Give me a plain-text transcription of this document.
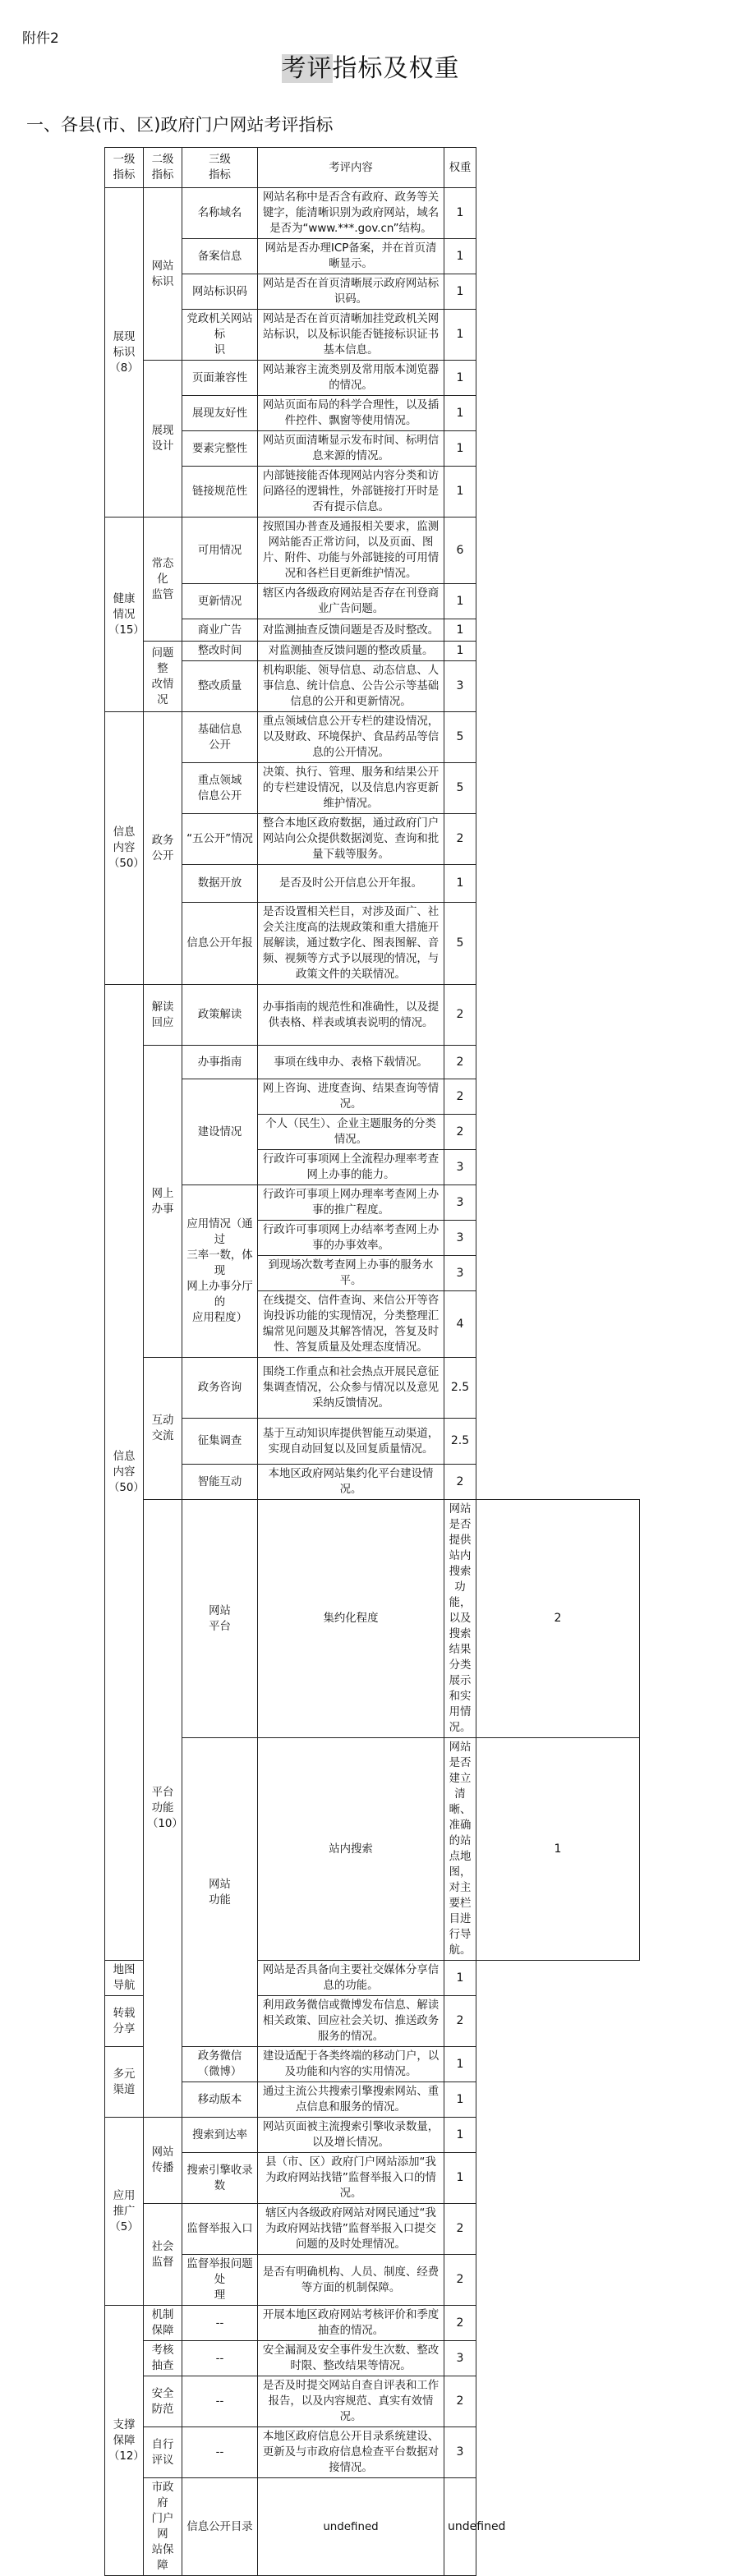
附件2
考评指标及权重
一、各县(市、区)政府门户网站考评指标
一级
指标	二级
指标	三级
指标	考评内容	权重	
展现
标识
（8）	网站
标识	名称域名	网站名称中是否含有政府、政务等关键字，能清晰识别为政府网站，域名是否为“www.***.gov.cn”结构。	1	
		备案信息	网站是否办理ICP备案，并在首页清晰显示。	1	
		网站标识码	网站是否在首页清晰展示政府网站标识码。	1	
		党政机关网站标
识	网站是否在首页清晰加挂党政机关网站标识，以及标识能否链接标识证书基本信息。	1	
	展现
设计	页面兼容性	网站兼容主流类别及常用版本浏览器的情况。	1	
		展现友好性	网站页面布局的科学合理性，以及插件控件、飘窗等使用情况。	1	
		要素完整性	网站页面清晰显示发布时间、标明信息来源的情况。	1	
		链接规范性	内部链接能否体现网站内容分类和访问路径的逻辑性，外部链接打开时是否有提示信息。	1	
健康
情况
（15）	常态化
监管	可用情况	按照国办普查及通报相关要求，监测网站能否正常访问，以及页面、图片、附件、功能与外部链接的可用情况和各栏目更新维护情况。	6	
		更新情况	辖区内各级政府网站是否存在刊登商业广告问题。	1	
		商业广告	对监测抽查反馈问题是否及时整改。	1	
	问题整
改情况	整改时间	对监测抽查反馈问题的整改质量。	1	
		整改质量	机构职能、领导信息、动态信息、人事信息、统计信息、公告公示等基础信息的公开和更新情况。	3	
信息
内容
（50）	政务
公开	基础信息
公开	重点领域信息公开专栏的建设情况，以及财政、环境保护、食品药品等信息的公开情况。	5	
		重点领域
信息公开	决策、执行、管理、服务和结果公开的专栏建设情况，以及信息内容更新维护情况。	5	
		“五公开”情况	整合本地区政府数据，通过政府门户网站向公众提供数据浏览、查询和批量下载等服务。	2	
		数据开放	是否及时公开信息公开年报。	1	
		信息公开年报	是否设置相关栏目，对涉及面广、社会关注度高的法规政策和重大措施开展解读，通过数字化、图表图解、音频、视频等方式予以展现的情况，与政策文件的关联情况。	5	
信息
内容
（50）	解读
回应	政策解读	办事指南的规范性和准确性，以及提供表格、样表或填表说明的情况。	2	
	网上
办事	办事指南	事项在线申办、表格下载情况。	2	
		建设情况	网上咨询、进度查询、结果查询等情况。	2	
			个人（民生）、企业主题服务的分类情况。	2	
			行政许可事项网上全流程办理率考查网上办事的能力。	3	
		应用情况（通过
三率一数，体现
网上办事分厅的
应用程度）	行政许可事项上网办理率考查网上办事的推广程度。	3	
			行政许可事项网上办结率考查网上办事的办事效率。	3	
			到现场次数考查网上办事的服务水平。	3	
			在线提交、信件查询、来信公开等咨询投诉功能的实现情况，分类整理汇编常见问题及其解答情况，答复及时性、答复质量及处理态度情况。	4	
	互动
交流	政务咨询	围绕工作重点和社会热点开展民意征集调查情况，公众参与情况以及意见采纳反馈情况。	2.5	
		征集调查	基于互动知识库提供智能互动渠道，实现自动回复以及回复质量情况。	2.5	
		智能互动	本地区政府网站集约化平台建设情况。	2	
	平台
功能
（10）	网站
平台	集约化程度	网站是否提供站内搜索功能，以及搜索结果分类展示和实用情况。	2
		网站
功能	站内搜索	网站是否建立清晰、准确的站点地图，对主要栏目进行导航。	1
地图导航			网站是否具备向主要社交媒体分享信息的功能。	1	
转载分享			利用政务微信或微博发布信息、解读相关政策、回应社会关切、推送政务服务的情况。	2	
多元
渠道		政务微信
（微博）	建设适配于各类终端的移动门户，以及功能和内容的实用情况。	1	
		移动版本	通过主流公共搜索引擎搜索网站、重点信息和服务的情况。	1	
应用
推广
（5）	网站
传播	搜索到达率	网站页面被主流搜索引擎收录数量，以及增长情况。	1	
		搜索引擎收录数	县（市、区）政府门户网站添加“我为政府网站找错”监督举报入口的情况。	1	
	社会
监督	监督举报入口	辖区内各级政府网站对网民通过“我为政府网站找错”监督举报入口提交问题的及时处理情况。	2	
		监督举报问题处
理	是否有明确机构、人员、制度、经费等方面的机制保障。	2	
支撑
保障
（12）	机制
保障	--	开展本地区政府网站考核评价和季度抽查的情况。	2	
	考核
抽查	--	安全漏洞及安全事件发生次数、整改时限、整改结果等情况。	3	
	安全
防范	--	是否及时提交网站自查自评表和工作报告，以及内容规范、真实有效情况。	2	
	自行
评议	--	本地区政府信息公开目录系统建设、更新及与市政府信息检查平台数据对接情况。	3	
	市政府
门户网
站保障	信息公开目录	undefined	undefined	
